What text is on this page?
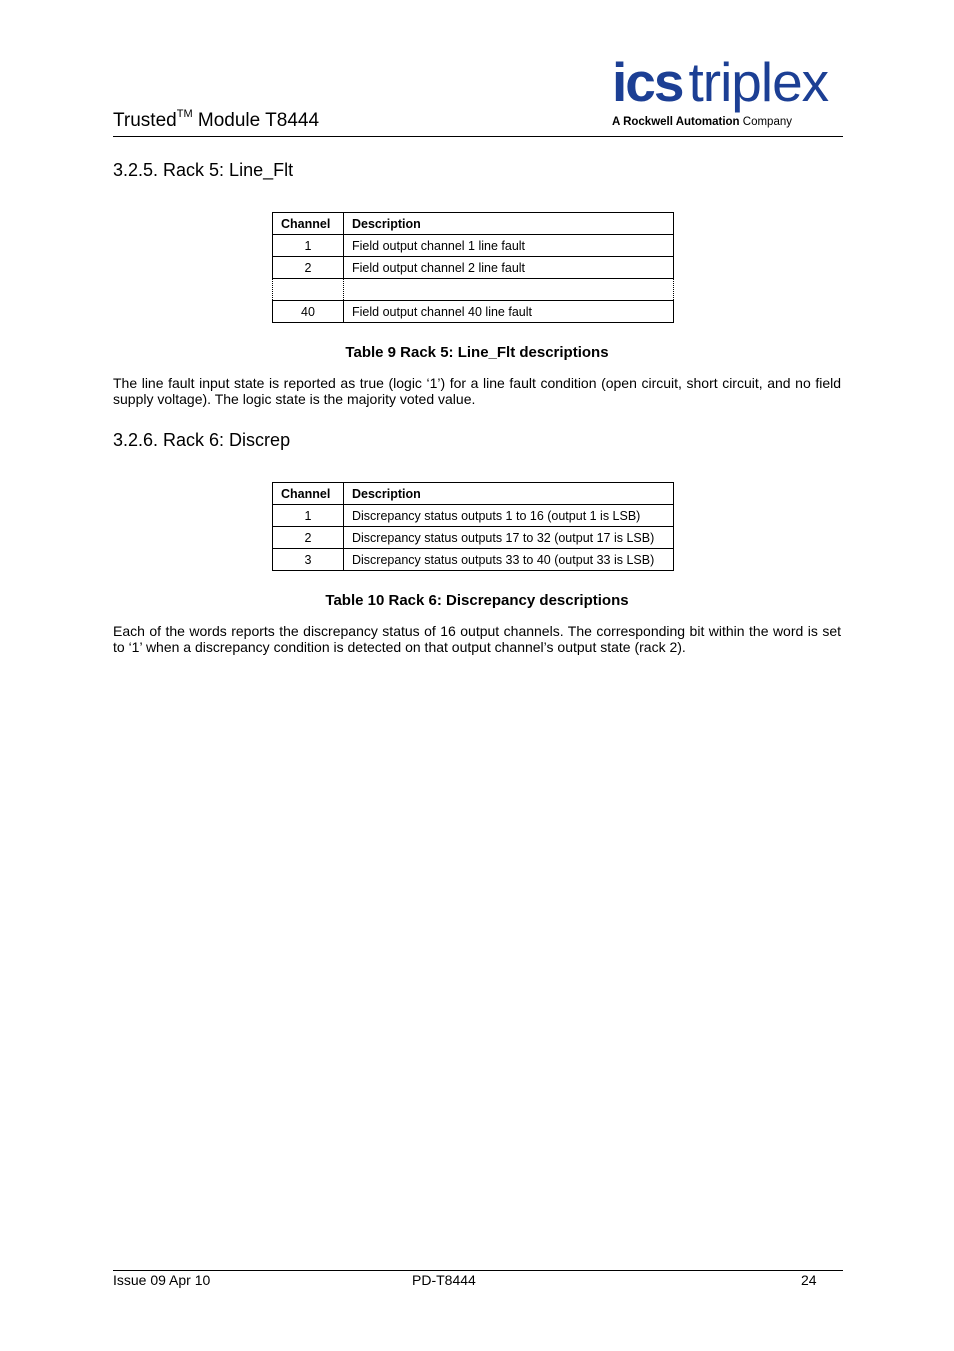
Trusted™ Module T8444
ics triplex
A Rockwell Automation Company
3.2.5. Rack 5: Line_Flt
Channel	Description
1	Field output channel 1 line fault
2	Field output channel 2 line fault

40	Field output channel 40 line fault
Table 9 Rack 5: Line_Flt descriptions
The line fault input state is reported as true (logic ‘1’) for a line fault condition (open circuit, short circuit, and no field supply voltage). The logic state is the majority voted value.
3.2.6. Rack 6: Discrep
Channel	Description
1	Discrepancy status outputs 1 to 16 (output 1 is LSB)
2	Discrepancy status outputs 17 to 32 (output 17 is LSB)
3	Discrepancy status outputs 33 to 40 (output 33 is LSB)
Table 10 Rack 6: Discrepancy descriptions
Each of the words reports the discrepancy status of 16 output channels. The corresponding bit within the word is set to ‘1’ when a discrepancy condition is detected on that output channel’s output state (rack 2).
Issue 09 Apr 10	PD-T8444	24
